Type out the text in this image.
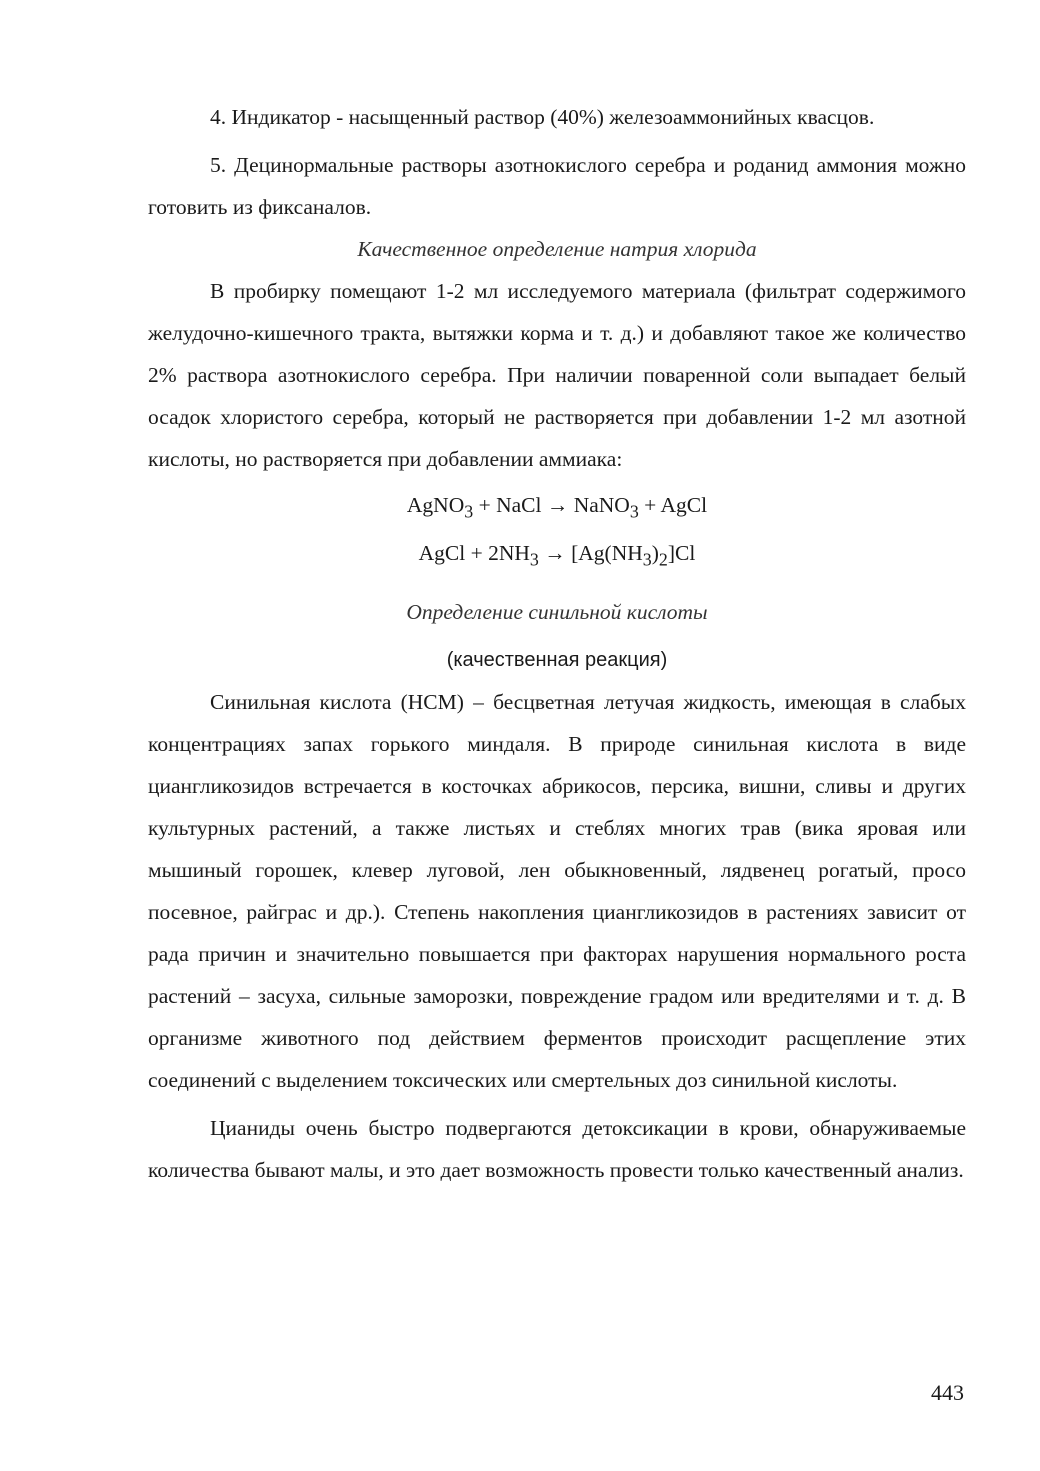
4. Индикатор - насыщенный раствор (40%) железоаммонийных квасцов.

5. Децинормальные растворы азотнокислого серебра и роданид аммония можно готовить из фиксаналов.

Качественное определение натрия хлорида

В пробирку помещают 1-2 мл исследуемого материала (фильтрат содержимого желудочно-кишечного тракта, вытяжки корма и т. д.) и добавляют такое же количество 2% раствора азотнокислого серебра. При наличии поваренной соли выпадает белый осадок хлористого серебра, который не растворяется при добавлении 1-2 мл азотной кислоты, но растворяется при добавлении аммиака:

AgNO$_3$ + NaCl → NaNO$_3$ + AgCl
AgCl + $2NH_3 \to [Ag(NH_3)_2]Cl$

Определение синильной кислоты

(качественная реакция)

Синильная кислота (НСМ) – бесцветная летучая жидкость, имеющая в слабых концентрациях запах горького миндаля. В природе синильная кислота в виде циангликозидов встречается в косточках абрикосов, персика, вишни, сливы и других культурных растений, а также листьях и стеблях многих трав (вика яровая или мышиный горошек, клевер луговой, лен обыкновенный, лядвенец рогатый, просо посевное, райграс и др.). Степень накопления циангликозидов в растениях зависит от рада причин и значительно повышается при факторах нарушения нормального роста растений – засуха, сильные заморозки, повреждение градом или вредителями и т. д. В организме животного под действием ферментов происходит расщепление этих соединений с выделением токсических или смертельных доз синильной кислоты.

Цианиды очень быстро подвергаются детоксикации в крови, обнаруживаемые количества бывают малы, и это дает возможность провести только качественный анализ.

443
